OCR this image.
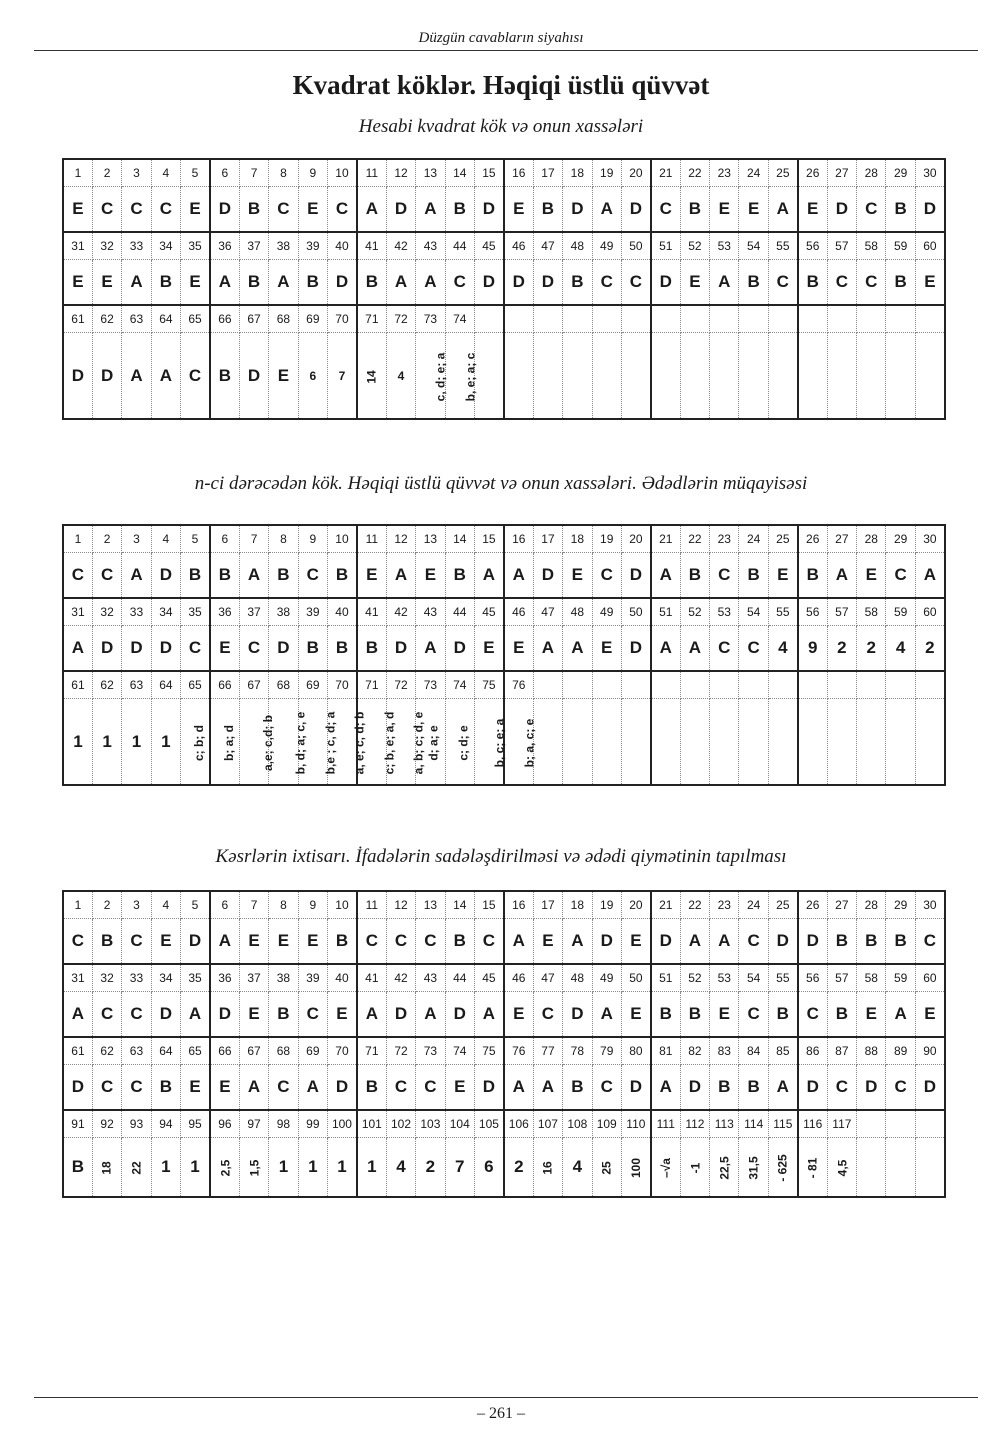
Düzgün cavabların siyahısı
Kvadrat köklər. Həqiqi üstlü qüvvət
Hesabi kvadrat kök və onun xassələri
1	2	3	4	5	6	7	8	9	10	11	12	13	14	15	16	17	18	19	20	21	22	23	24	25	26	27	28	29	30
E	C	C	C	E	D	B	C	E	C	A	D	A	B	D	E	B	D	A	D	C	B	E	E	A	E	D	C	B	D
31	32	33	34	35	36	37	38	39	40	41	42	43	44	45	46	47	48	49	50	51	52	53	54	55	56	57	58	59	60
E	E	A	B	E	A	B	A	B	D	B	A	A	C	D	D	D	B	C	C	D	E	A	B	C	B	C	C	B	E
61	62	63	64	65	66	67	68	69	70	71	72	73	74																
D	D	A	A	C	B	D	E	6	7	14	4	c, d; e; a	b, e; a; c																
n-ci dərəcədən kök. Həqiqi üstlü qüvvət və onun xassələri. Ədədlərin müqayisəsi
1	2	3	4	5	6	7	8	9	10	11	12	13	14	15	16	17	18	19	20	21	22	23	24	25	26	27	28	29	30
C	C	A	D	B	B	A	B	C	B	E	A	E	B	A	A	D	E	C	D	A	B	C	B	E	B	A	E	C	A
31	32	33	34	35	36	37	38	39	40	41	42	43	44	45	46	47	48	49	50	51	52	53	54	55	56	57	58	59	60
A	D	D	D	C	E	C	D	B	B	B	D	A	D	E	E	A	A	E	D	A	A	C	C	4	9	2	2	4	2
61	62	63	64	65	66	67	68	69	70	71	72	73	74	75	76														
1	1	1	1	c; b; d	b; a; d	a,e; c,d; b	b, d; a; c, e	b,e ; c, d; a	a, e; c, d; b	c; b, e; a, d	a, b; c; d, e	d; a; e	c; d; e	b, c; e; a	b; a, c; e														
Kəsrlərin ixtisarı. İfadələrin sadələşdirilməsi və ədədi qiymətinin tapılması
1	2	3	4	5	6	7	8	9	10	11	12	13	14	15	16	17	18	19	20	21	22	23	24	25	26	27	28	29	30
C	B	C	E	D	A	E	E	E	B	C	C	C	B	C	A	E	A	D	E	D	A	A	C	D	D	B	B	B	C
31	32	33	34	35	36	37	38	39	40	41	42	43	44	45	46	47	48	49	50	51	52	53	54	55	56	57	58	59	60
A	C	C	D	A	D	E	B	C	E	A	D	A	D	A	E	C	D	A	E	B	B	E	C	B	C	B	E	A	E
61	62	63	64	65	66	67	68	69	70	71	72	73	74	75	76	77	78	79	80	81	82	83	84	85	86	87	88	89	90
D	C	C	B	E	E	A	C	A	D	B	C	C	E	D	A	A	B	C	D	A	D	B	B	A	D	C	D	C	D
91	92	93	94	95	96	97	98	99	100	101	102	103	104	105	106	107	108	109	110	111	112	113	114	115	116	117			
B	18	22	1	1	2,5	1,5	1	1	1	1	4	2	7	6	2	16	4	25	100	–√a	-1	22,5	31,5	- 625	- 81	4,5			
– 261 –
